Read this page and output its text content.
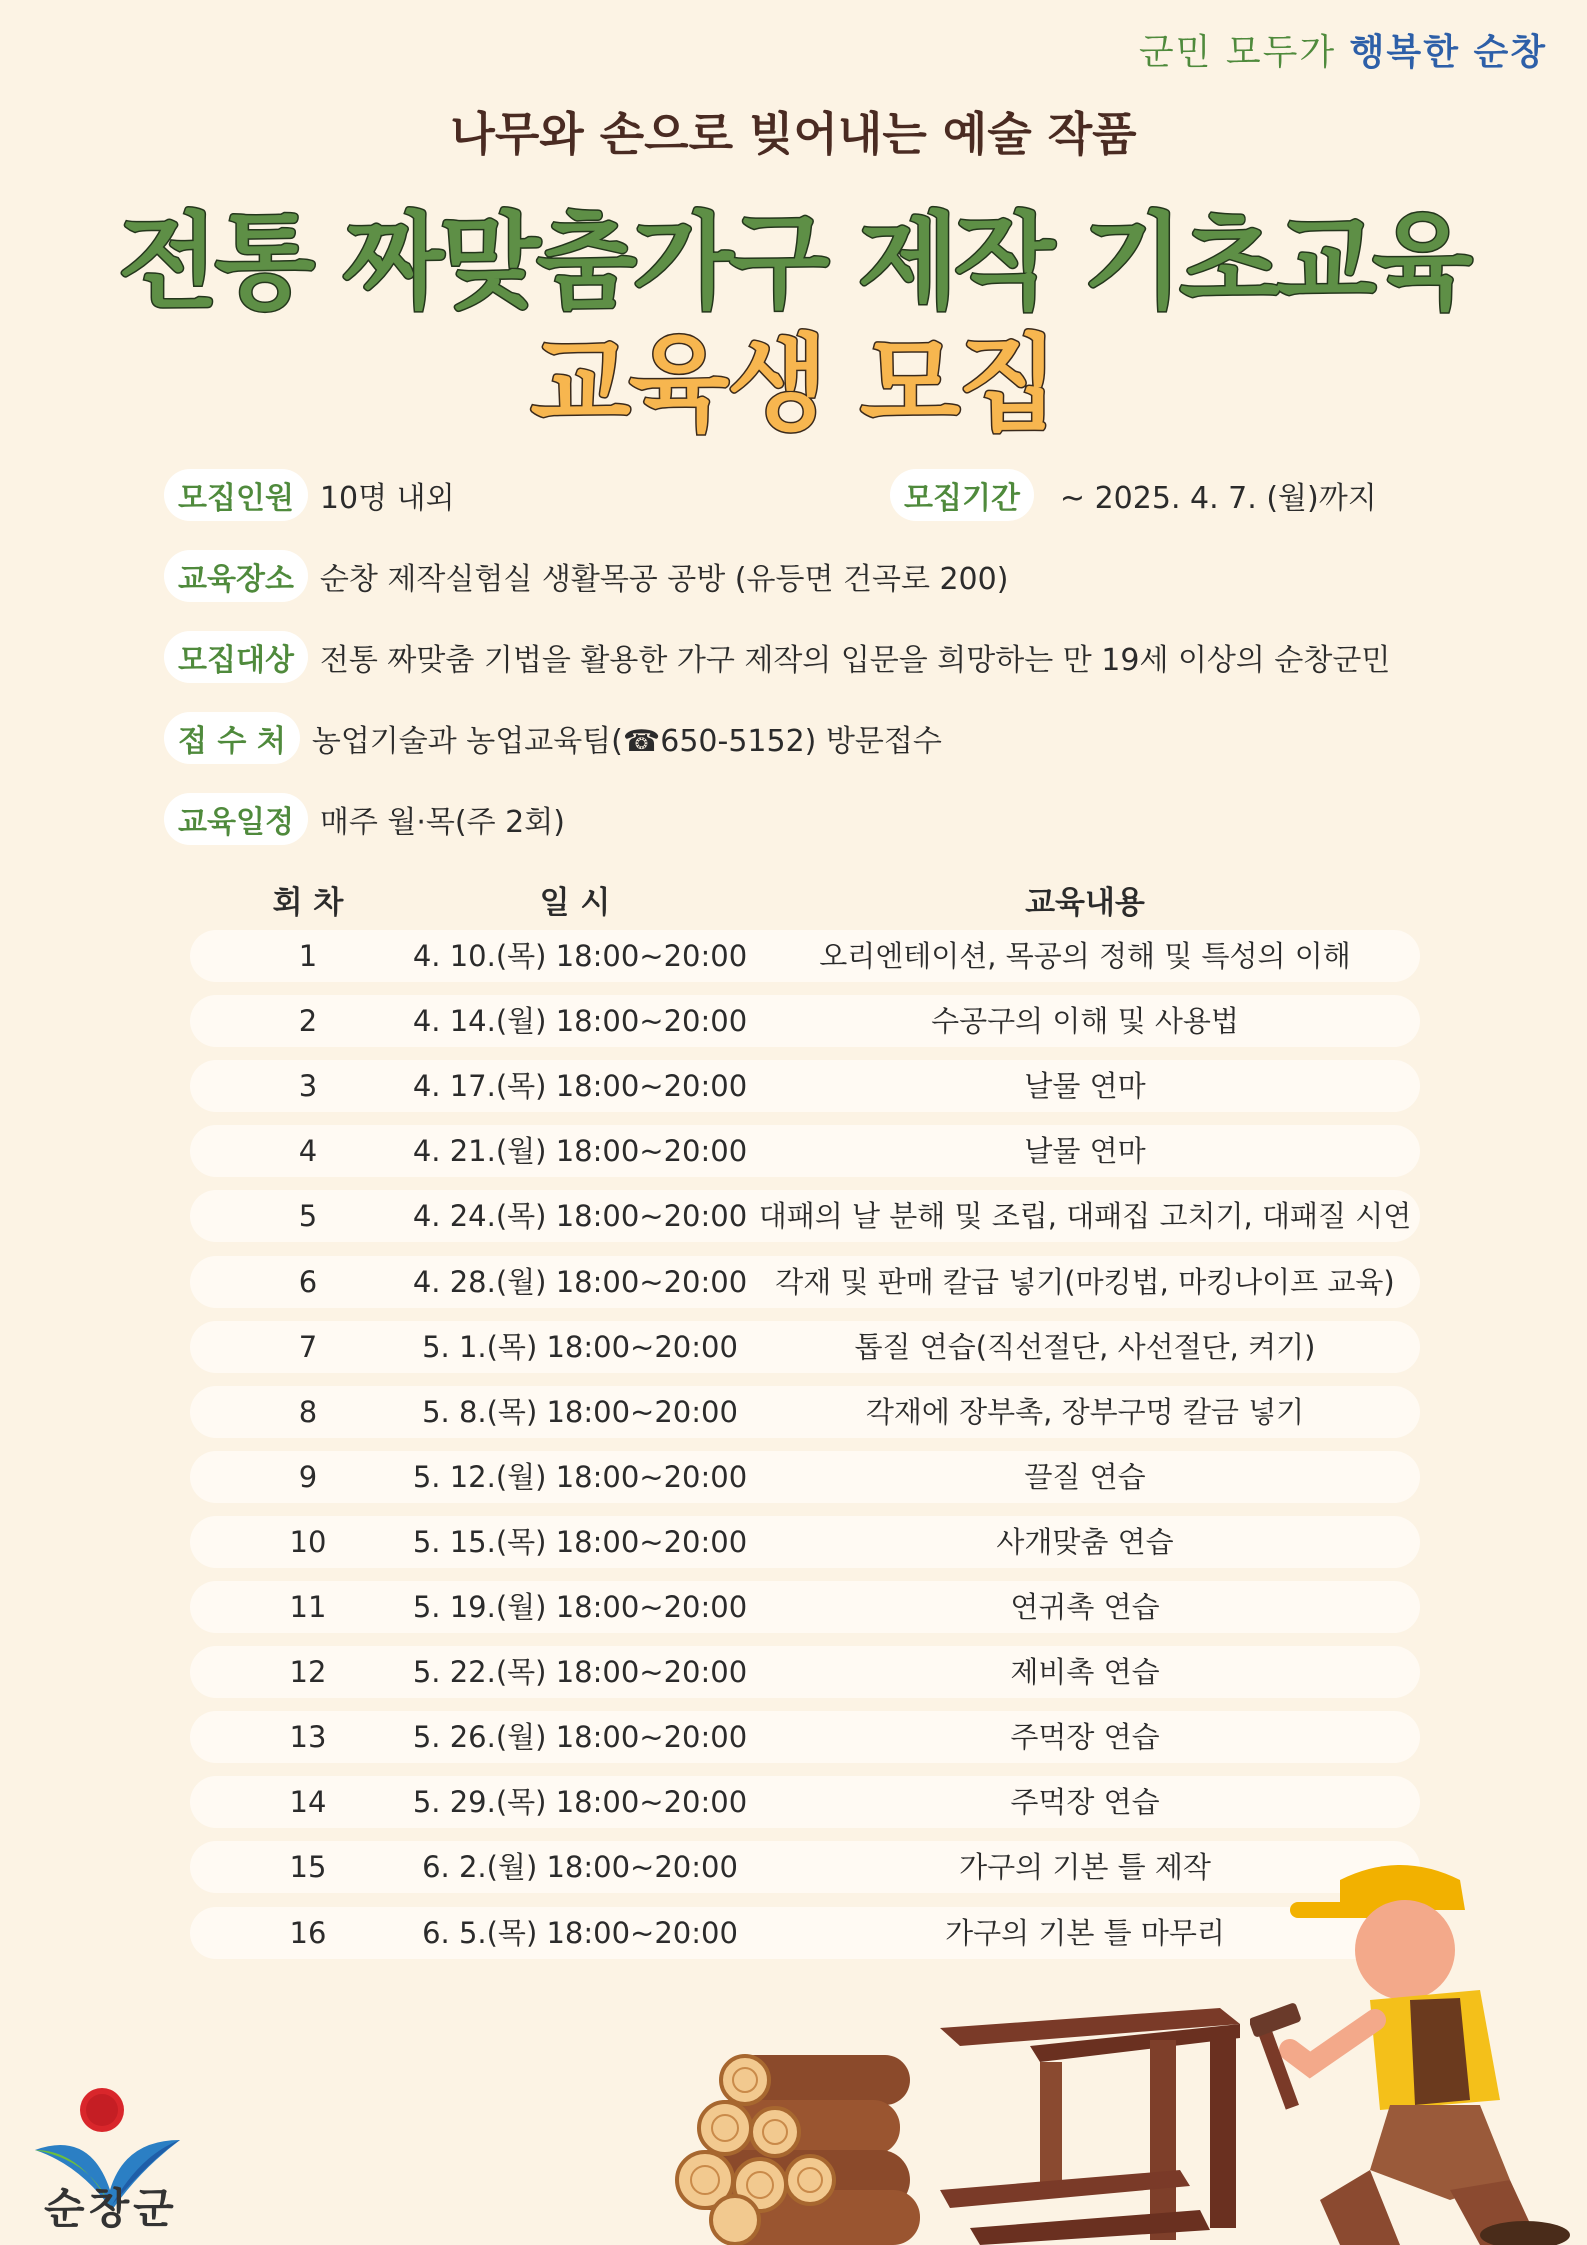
군민 모두가 행복한 순창
나무와 손으로 빚어내는 예술 작품
전통 짜맞춤가구 제작 기초교육
교육생 모집
모집인원 10명 내외	모집기간	~ 2025. 4. 7. (월)까지
교육장소 순창 제작실험실 생활목공 공방 (유등면 건곡로 200)
모집대상 전통 짜맞춤 기법을 활용한 가구 제작의 입문을 희망하는 만 19세 이상의 순창군민
접 수 처 농업기술과 농업교육팀(☎650-5152) 방문접수
교육일정 매주 월·목(주 2회)
회 차	일 시	교육내용
1	4. 10.(목) 18:00~20:00	오리엔테이션, 목공의 정해 및 특성의 이해
2	4. 14.(월) 18:00~20:00	수공구의 이해 및 사용법
3	4. 17.(목) 18:00~20:00	날물 연마
4	4. 21.(월) 18:00~20:00	날물 연마
5	4. 24.(목) 18:00~20:00 대패의 날 분해 및 조립, 대패집 고치기, 대패질 시연
6	4. 28.(월) 18:00~20:00 각재 및 판매 칼급 넣기(마킹법, 마킹나이프 교육)
7	5. 1.(목) 18:00~20:00	톱질 연습(직선절단, 사선절단, 켜기)
8	5. 8.(목) 18:00~20:00	각재에 장부촉, 장부구멍 칼금 넣기
9	5. 12.(월) 18:00~20:00	끌질 연습
10	5. 15.(목) 18:00~20:00	사개맞춤 연습
11	5. 19.(월) 18:00~20:00	연귀촉 연습
12	5. 22.(목) 18:00~20:00	제비촉 연습
13	5. 26.(월) 18:00~20:00	주먹장 연습
14	5. 29.(목) 18:00~20:00	주먹장 연습
15	6. 2.(월) 18:00~20:00	가구의 기본 틀 제작
16	6. 5.(목) 18:00~20:00	가구의 기본 틀 마무리
순창군
